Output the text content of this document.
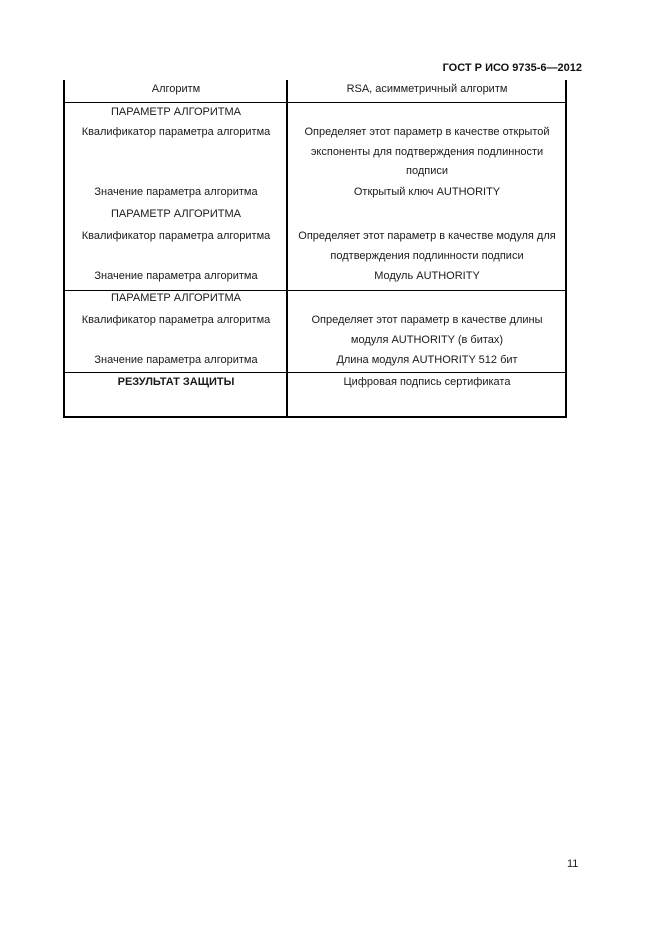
ГОСТ Р ИСО 9735-6—2012
Алгоритм	RSA, асимметричный алгоритм
ПАРАМЕТР АЛГОРИТМА
Квалификатор параметра алгоритма	Определяет этот параметр в качестве открытой
экспоненты для подтверждения подлинности
подписи
Значение параметра алгоритма	Открытый ключ AUTHORITY
ПАРАМЕТР АЛГОРИТМА
Квалификатор параметра алгоритма	Определяет этот параметр в качестве модуля для
подтверждения подлинности подписи
Значение параметра алгоритма	Модуль AUTHORITY
ПАРАМЕТР АЛГОРИТМА
Квалификатор параметра алгоритма	Определяет этот параметр в качестве длины
модуля AUTHORITY (в битах)
Значение параметра алгоритма	Длина модуля AUTHORITY 512 бит
РЕЗУЛЬТАТ ЗАЩИТЫ	Цифровая подпись сертификата
11
